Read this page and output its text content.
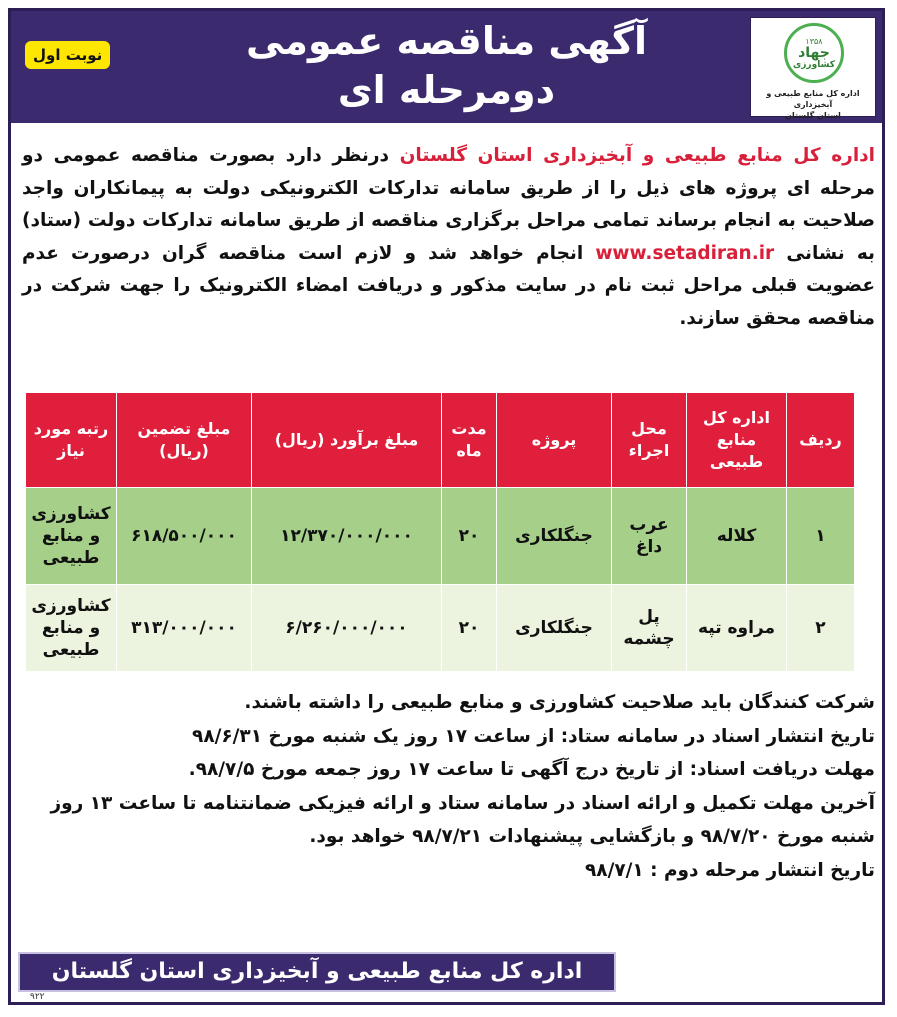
آگهی مناقصه عمومی
دومرحله ای
نوبت اول
۱۳۵۸
جهاد
کشاورزی
اداره کل منابع طبیعی و آبخیزداری
استان گلستان
اداره کل منابع طبیعی و آبخیزداری استان گلستان درنظر دارد بصورت مناقصه عمومی دو مرحله ای پروژه های ذیل را از طریق سامانه تدارکات الکترونیکی دولت به پیمانکاران واجد صلاحیت به انجام برساند تمامی مراحل برگزاری مناقصه از طریق سامانه تدارکات دولت (ستاد) به نشانی www.setadiran.ir انجام خواهد شد و لازم است مناقصه گران درصورت عدم عضویت قبلی مراحل ثبت نام در سایت مذکور و دریافت امضاء الکترونیک را جهت شرکت در مناقصه محقق سازند.
ردیف	اداره کل منابع طبیعی	محل اجراء	پروژه	مدت ماه	مبلغ برآورد (ریال)	مبلغ تضمین (ریال)	رتبه مورد نیاز
۱	کلاله	عرب داغ	جنگلکاری	۲۰	۱۲/۳۷۰/۰۰۰/۰۰۰	۶۱۸/۵۰۰/۰۰۰	کشاورزی و منابع طبیعی
۲	مراوه تپه	پل چشمه	جنگلکاری	۲۰	۶/۲۶۰/۰۰۰/۰۰۰	۳۱۳/۰۰۰/۰۰۰	کشاورزی و منابع طبیعی
شرکت کنندگان باید صلاحیت کشاورزی و منابع طبیعی را داشته باشند.
تاریخ انتشار اسناد در سامانه ستاد: از ساعت ۱۷ روز یک شنبه مورخ ۹۸/۶/۳۱
مهلت دریافت اسناد: از تاریخ درج آگهی تا ساعت ۱۷ روز جمعه مورخ ۹۸/۷/۵.
آخرین مهلت تکمیل و ارائه اسناد در سامانه ستاد و ارائه فیزیکی ضمانتنامه تا ساعت ۱۳ روز شنبه مورخ ۹۸/۷/۲۰ و بازگشایی پیشنهادات ۹۸/۷/۲۱ خواهد بود.
تاریخ انتشار مرحله دوم : ۹۸/۷/۱
اداره کل منابع طبیعی و آبخیزداری استان گلستان
۹۲۲
